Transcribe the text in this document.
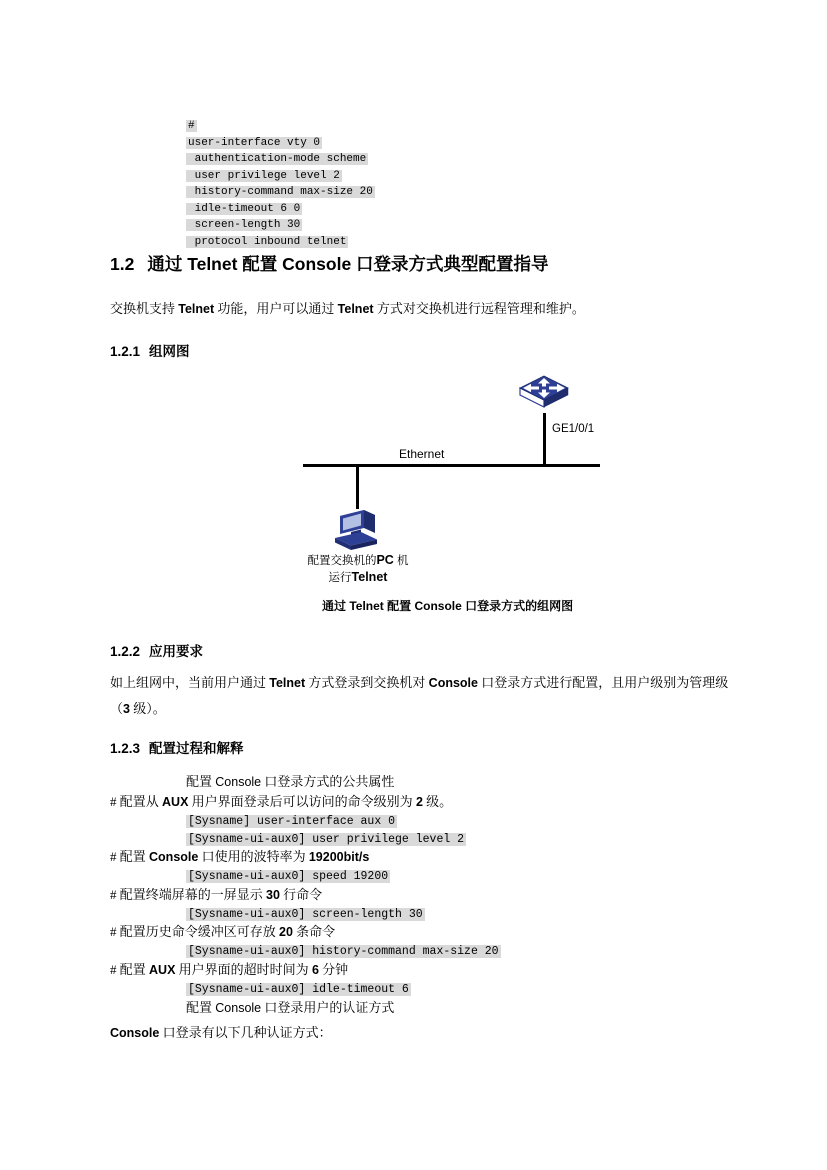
#
user-interface vty 0
authentication-mode scheme
user privilege level 2
history-command max-size 20
idle-timeout 6 0
screen-length 30
protocol inbound telnet
1.2 通过 Telnet 配置 Console 口登录方式典型配置指导
交换机支持 Telnet 功能，用户可以通过 Telnet 方式对交换机进行远程管理和维护。
1.2.1 组网图
GE1/0/1
Ethernet
配置交换机的PC 机
运行Telnet
通过 Telnet 配置 Console 口登录方式的组网图
1.2.2 应用要求
如上组网中，当前用户通过 Telnet 方式登录到交换机对 Console 口登录方式进行配置，且用户级别为管理级（3 级）。
1.2.3 配置过程和解释
配置 Console 口登录方式的公共属性
# 配置从 AUX 用户界面登录后可以访问的命令级别为 2 级。
[Sysname] user-interface aux 0
[Sysname-ui-aux0] user privilege level 2
# 配置 Console 口使用的波特率为 19200bit/s
[Sysname-ui-aux0] speed 19200
# 配置终端屏幕的一屏显示 30 行命令
[Sysname-ui-aux0] screen-length 30
# 配置历史命令缓冲区可存放 20 条命令
[Sysname-ui-aux0] history-command max-size 20
# 配置 AUX 用户界面的超时时间为 6 分钟
[Sysname-ui-aux0] idle-timeout 6
配置 Console 口登录用户的认证方式
Console 口登录有以下几种认证方式：
